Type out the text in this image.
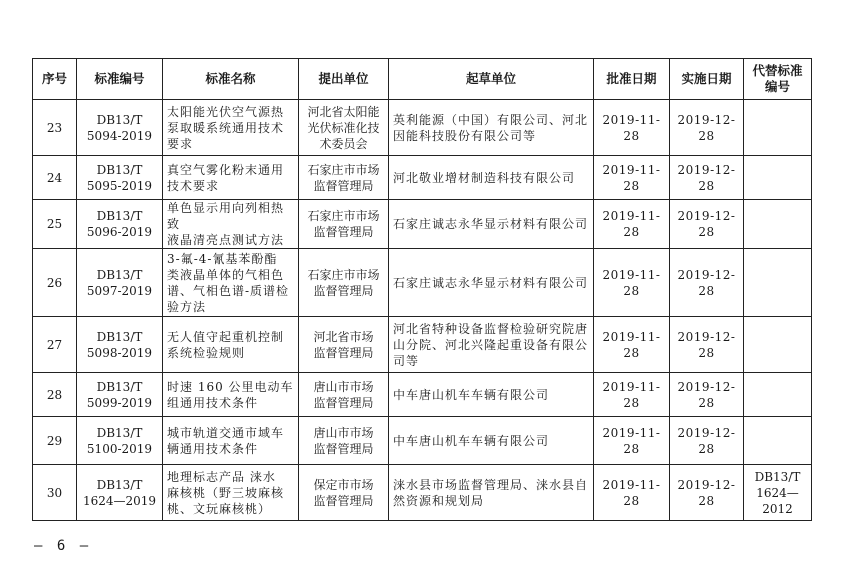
序号	标准编号	标准名称	提出单位	起草单位	批准日期	实施日期	代替标准编号
23	DB13/T
5094-2019	太阳能光伏空气源热
泵取暖系统通用技术
要求	河北省太阳能
光伏标准化技
术委员会	英利能源（中国）有限公司、河北
因能科技股份有限公司等	2019-11-28	2019-12-28	
24	DB13/T
5095-2019	真空气雾化粉末通用
技术要求	石家庄市市场
监督管理局	河北敬业增材制造科技有限公司	2019-11-28	2019-12-28	
25	DB13/T
5096-2019	单色显示用向列相热致
液晶清亮点测试方法	石家庄市市场
监督管理局	石家庄诚志永华显示材料有限公司	2019-11-28	2019-12-28	
26	DB13/T
5097-2019	3-氟-4-氰基苯酚酯
类液晶单体的气相色
谱、气相色谱-质谱检
验方法	石家庄市市场
监督管理局	石家庄诚志永华显示材料有限公司	2019-11-28	2019-12-28	
27	DB13/T
5098-2019	无人值守起重机控制
系统检验规则	河北省市场
监督管理局	河北省特种设备监督检验研究院唐
山分院、河北兴隆起重设备有限公
司等	2019-11-28	2019-12-28	
28	DB13/T
5099-2019	时速 160 公里电动车
组通用技术条件	唐山市市场
监督管理局	中车唐山机车车辆有限公司	2019-11-28	2019-12-28	
29	DB13/T
5100-2019	城市轨道交通市域车
辆通用技术条件	唐山市市场
监督管理局	中车唐山机车车辆有限公司	2019-11-28	2019-12-28	
30	DB13/T
1624—2019	地理标志产品 涞水
麻核桃（野三坡麻核
桃、文玩麻核桃）	保定市市场
监督管理局	涞水县市场监督管理局、涞水县自
然资源和规划局	2019-11-28	2019-12-28	DB13/T
1624—
2012
– 6 –
